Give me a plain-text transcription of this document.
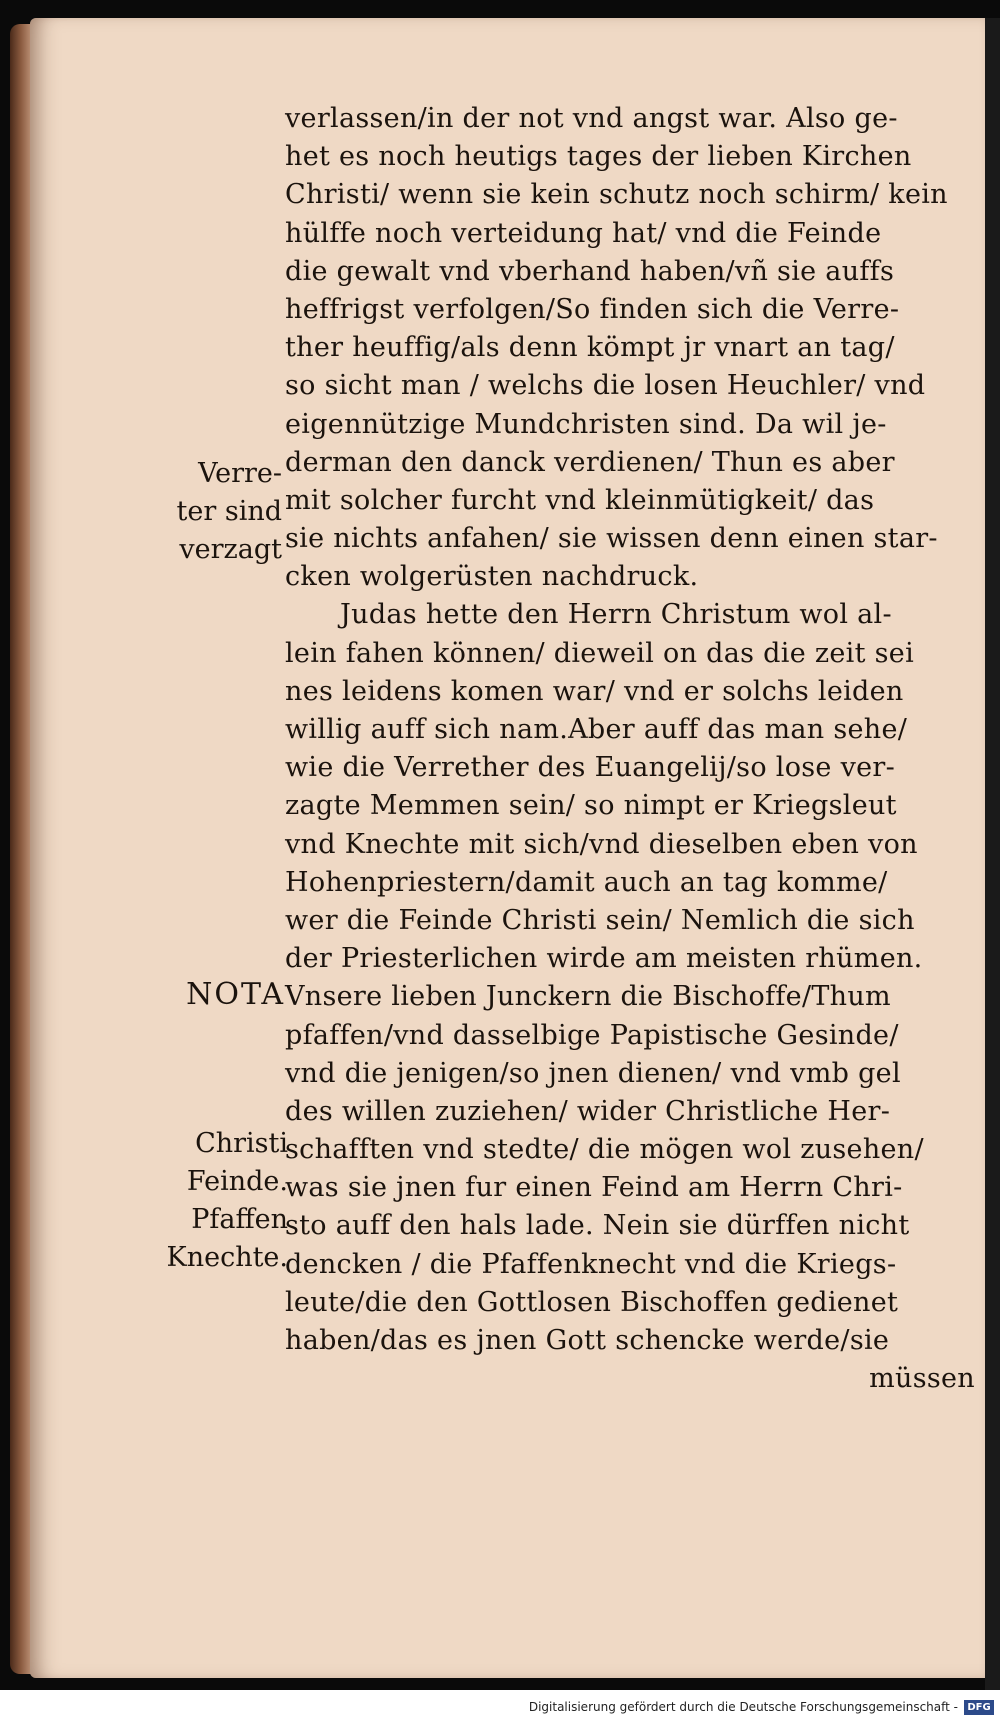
verlassen/in der not vnd angst war. Also ge-
het es noch heutigs tages der lieben Kirchen
Christi/ wenn sie kein schutz noch schirm/ kein
hülffe noch verteidung hat/ vnd die Feinde
die gewalt vnd vberhand haben/vñ sie auffs
heffrigst verfolgen/So finden sich die Verre-
ther heuffig/als denn kömpt jr vnart an tag/
so sicht man / welchs die losen Heuchler/ vnd
eigennützige Mundchristen sind. Da wil je-
derman den danck verdienen/ Thun es aber
mit solcher furcht vnd kleinmütigkeit/ das
sie nichts anfahen/ sie wissen denn einen star-
cken wolgerüsten nachdruck.
Judas hette den Herrn Christum wol al-
lein fahen können/ dieweil on das die zeit sei
nes leidens komen war/ vnd er solchs leiden
willig auff sich nam.Aber auff das man sehe/
wie die Verrether des Euangelij/so lose ver-
zagte Memmen sein/ so nimpt er Kriegsleut
vnd Knechte mit sich/vnd dieselben eben von
Hohenpriestern/damit auch an tag komme/
wer die Feinde Christi sein/ Nemlich die sich
der Priesterlichen wirde am meisten rhümen.
Vnsere lieben Junckern die Bischoffe/Thum
pfaffen/vnd dasselbige Papistische Gesinde/
vnd die jenigen/so jnen dienen/ vnd vmb gel
des willen zuziehen/ wider Christliche Her-
schafften vnd stedte/ die mögen wol zusehen/
was sie jnen fur einen Feind am Herrn Chri-
sto auff den hals lade. Nein sie dürffen nicht
dencken / die Pfaffenknecht vnd die Kriegs-
leute/die den Gottlosen Bischoffen gedienet
haben/das es jnen Gott schencke werde/sie
müssen
Verre-
ter sind
verzagt
NOTA
Christi
Feinde.
Pfaffen
Knechte.
Digitalisierung gefördert durch die Deutsche Forschungsgemeinschaft - DFG
